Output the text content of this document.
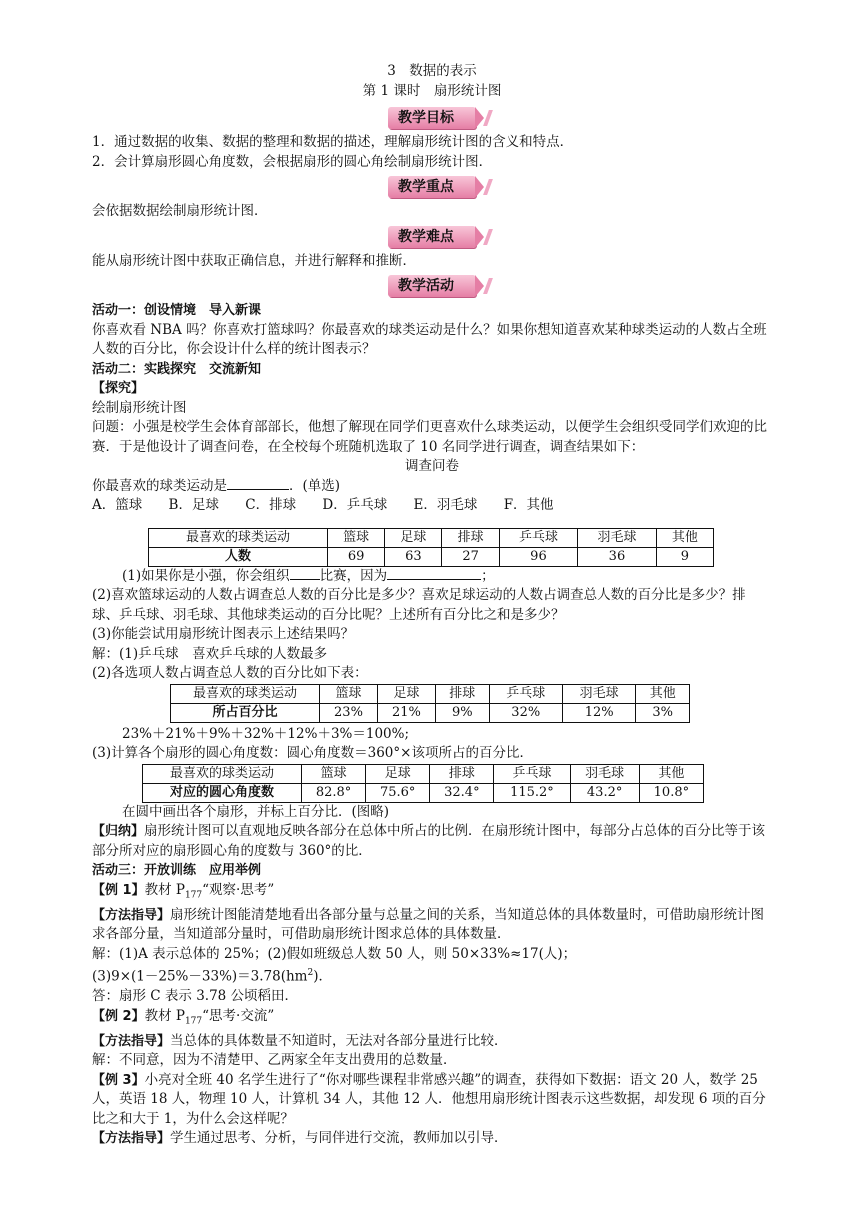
3　数据的表示

第 1 课时　扇形统计图

教学目标

1．通过数据的收集、数据的整理和数据的描述，理解扇形统计图的含义和特点．

2．会计算扇形圆心角度数，会根据扇形的圆心角绘制扇形统计图．

教学重点

会依据数据绘制扇形统计图．

教学难点

能从扇形统计图中获取正确信息，并进行解释和推断．

教学活动

活动一：创设情境　导入新课

你喜欢看 NBA 吗？你喜欢打篮球吗？你最喜欢的球类运动是什么？如果你想知道喜欢某种球类运动的人数占全班人数的百分比，你会设计什么样的统计图表示？

活动二：实践探究　交流新知

【探究】

绘制扇形统计图

问题：小强是校学生会体育部部长，他想了解现在同学们更喜欢什么球类运动，以便学生会组织受同学们欢迎的比赛．于是他设计了调查问卷，在全校每个班随机选取了 10 名同学进行调查，调查结果如下：

调查问卷

你最喜欢的球类运动是	．(单选)

A．篮球 B．足球 C．排球 D．乒乓球 E．羽毛球 F．其他

最喜欢的球类运动	篮球	足球	排球	乒乓球	羽毛球	其他
人数	69	63	27	96	36	9

(1)如果你是小强，你会组织 比赛，因为	；

(2)喜欢篮球运动的人数占调查总人数的百分比是多少？喜欢足球运动的人数占调查总人数的百分比是多少？排球、乒乓球、羽毛球、其他球类运动的百分比呢？上述所有百分比之和是多少？

(3)你能尝试用扇形统计图表示上述结果吗？

解：(1)乒乓球　喜欢乒乓球的人数最多

(2)各选项人数占调查总人数的百分比如下表：

最喜欢的球类运动	篮球	足球	排球	乒乓球	羽毛球	其他
所占百分比	23%	21%	9%	32%	12%	3%

23%＋21%＋9%＋32%＋12%＋3%＝100%;

(3)计算各个扇形的圆心角度数：圆心角度数＝360°×该项所占的百分比．

最喜欢的球类运动	篮球	足球	排球	乒乓球	羽毛球	其他
对应的圆心角度数	82.8°	75.6°	32.4°	115.2°	43.2°	10.8°

在圆中画出各个扇形，并标上百分比．(图略)

【归纳】扇形统计图可以直观地反映各部分在总体中所占的比例．在扇形统计图中，每部分占总体的百分比等于该部分所对应的扇形圆心角的度数与 360°的比．

活动三：开放训练　应用举例

【例 1】教材 $P_{177}“$观察·思考”

【方法指导】扇形统计图能清楚地看出各部分量与总量之间的关系，当知道总体的具体数量时，可借助扇形统计图求各部分量，当知道部分量时，可借助扇形统计图求总体的具体数量．

解：(1)A 表示总体的 25%；(2)假如班级总人数 50 人，则 50×33%≈17(人)；

$(3)9\times(1-25\%-33\%)=3.78(hm^2)$．

答：扇形 C 表示 3.78 公顷稻田．

【例 2】教材 $P_{177}“$思考·交流”

【方法指导】当总体的具体数量不知道时，无法对各部分量进行比较．

解：不同意，因为不清楚甲、乙两家全年支出费用的总数量．

【例 3】小亮对全班 40 名学生进行了“你对哪些课程非常感兴趣”的调查，获得如下数据：语文 20 人，数学 25 人，英语 18 人，物理 10 人，计算机 34 人，其他 12 人．他想用扇形统计图表示这些数据，却发现 6 项的百分比之和大于 1，为什么会这样呢？

【方法指导】学生通过思考、分析，与同伴进行交流，教师加以引导．
